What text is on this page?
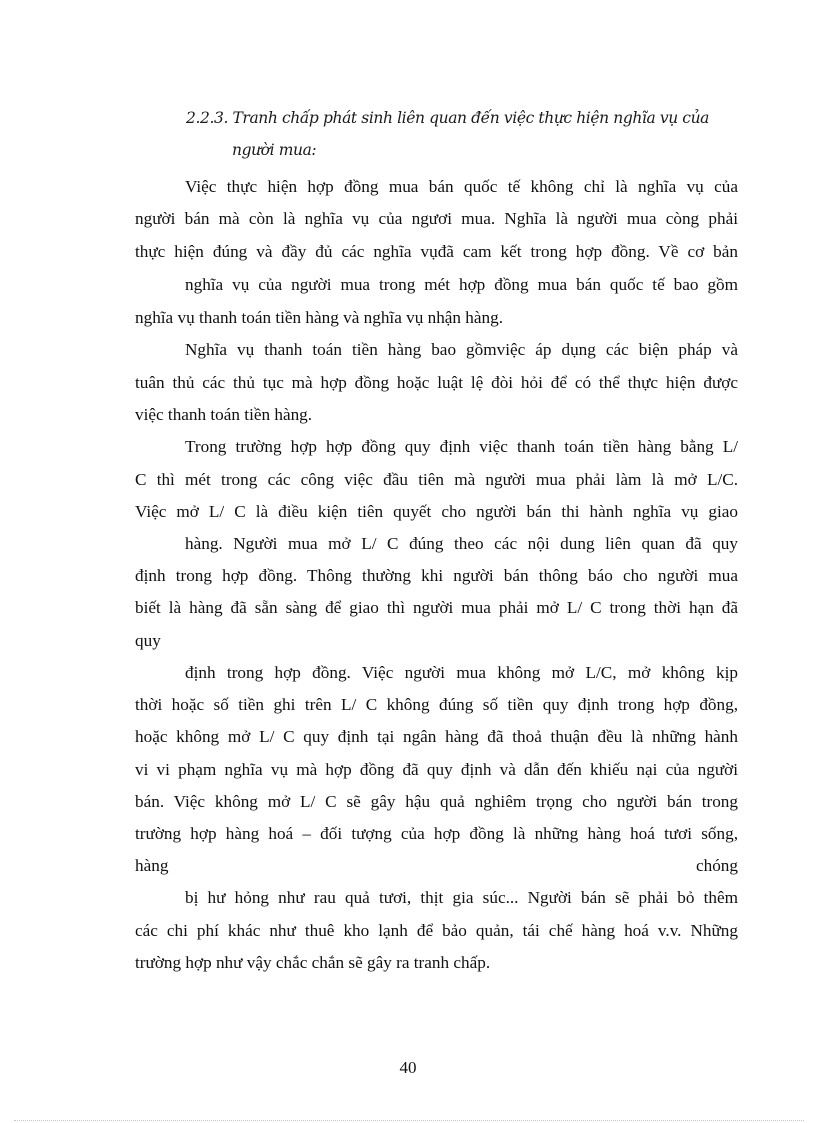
2.2.3. Tranh chấp phát sinh liên quan đến việc thực hiện nghĩa vụ của
người mua:
Việc thực hiện hợp đồng mua bán quốc tế không chỉ là nghĩa vụ của
người bán mà còn là nghĩa vụ của ngươi mua. Nghĩa là người mua còng phải
thực hiện đúng và đầy đủ các nghĩa vụđã cam kết trong hợp đồng. Về cơ bản
nghĩa vụ của người mua trong mét hợp đồng mua bán quốc tế bao gồm
nghĩa vụ thanh toán tiền hàng và nghĩa vụ nhận hàng.
Nghĩa vụ thanh toán tiền hàng bao gồmviệc áp dụng các biện pháp và
tuân thủ các thủ tục mà hợp đồng hoặc luật lệ đòi hỏi để có thể thực hiện được
việc thanh toán tiền hàng.
Trong trường hợp hợp đồng quy định việc thanh toán tiền hàng bằng L/
C thì mét trong các công việc đầu tiên mà người mua phải làm là mở L/C.
Việc mở L/ C là điều kiện tiên quyết cho người bán thi hành nghĩa vụ giao
hàng. Người mua mở L/ C đúng theo các nội dung liên quan đã quy
định trong hợp đồng. Thông thường khi người bán thông báo cho người mua
biết là hàng đã sẵn sàng để giao thì người mua phải mở L/ C trong thời hạn đã
quy
định trong hợp đồng. Việc người mua không mở L/C, mở không kịp
thời hoặc số tiền ghi trên L/ C không đúng số tiền quy định trong hợp đồng,
hoặc không mở L/ C quy định tại ngân hàng đã thoả thuận đều là những hành
vi vi phạm nghĩa vụ mà hợp đồng đã quy định và dẫn đến khiếu nại của người
bán. Việc không mở L/ C sẽ gây hậu quả nghiêm trọng cho người bán trong
trường hợp hàng hoá – đối tượng của hợp đồng là những hàng hoá tươi sống,
hàng chóng
bị hư hỏng như rau quả tươi, thịt gia súc... Người bán sẽ phải bỏ thêm
các chi phí khác như thuê kho lạnh để bảo quản, tái chế hàng hoá v.v. Những
trường hợp như vậy chắc chắn sẽ gây ra tranh chấp.
40
